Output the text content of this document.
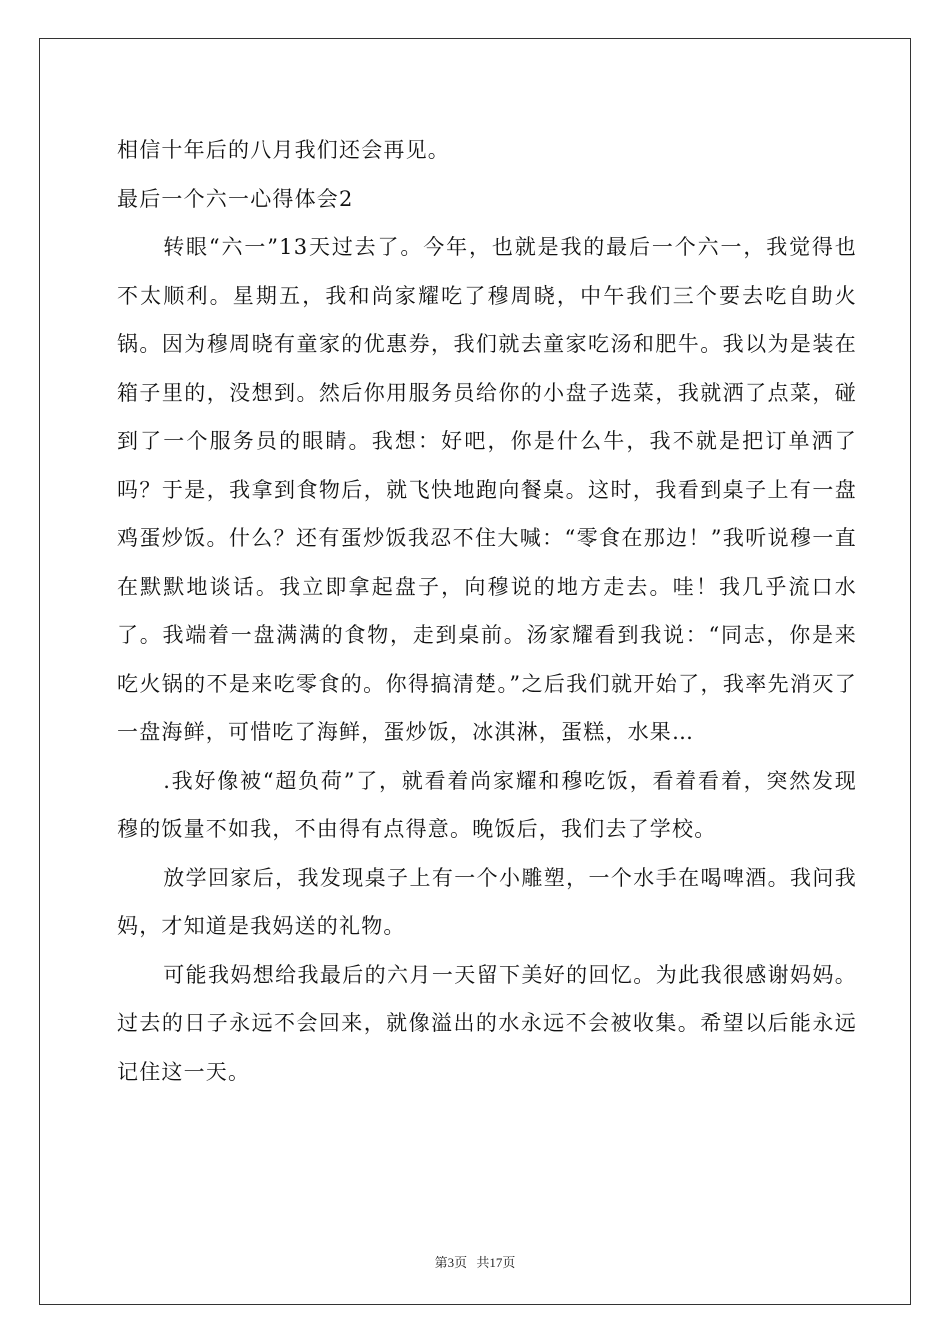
相信十年后的八月我们还会再见。

最后一个六一心得体会2

转眼“六一”13天过去了。今年，也就是我的最后一个六一，我觉得也不太顺利。星期五，我和尚家耀吃了穆周晓，中午我们三个要去吃自助火锅。因为穆周晓有童家的优惠券，我们就去童家吃汤和肥牛。我以为是装在箱子里的，没想到。然后你用服务员给你的小盘子选菜，我就洒了点菜，碰到了一个服务员的眼睛。我想：好吧，你是什么牛，我不就是把订单洒了吗？于是，我拿到食物后，就飞快地跑向餐桌。这时，我看到桌子上有一盘鸡蛋炒饭。什么？还有蛋炒饭我忍不住大喊：“零食在那边！”我听说穆一直在默默地谈话。我立即拿起盘子，向穆说的地方走去。哇！我几乎流口水了。我端着一盘满满的食物，走到桌前。汤家耀看到我说：“同志，你是来吃火锅的不是来吃零食的。你得搞清楚。”之后我们就开始了，我率先消灭了一盘海鲜，可惜吃了海鲜，蛋炒饭，冰淇淋，蛋糕，水果…

.我好像被“超负荷”了，就看着尚家耀和穆吃饭，看着看着，突然发现穆的饭量不如我，不由得有点得意。晚饭后，我们去了学校。

放学回家后，我发现桌子上有一个小雕塑，一个水手在喝啤酒。我问我妈，才知道是我妈送的礼物。

可能我妈想给我最后的六月一天留下美好的回忆。为此我很感谢妈妈。过去的日子永远不会回来，就像溢出的水永远不会被收集。希望以后能永远记住这一天。

第3页 共17页
